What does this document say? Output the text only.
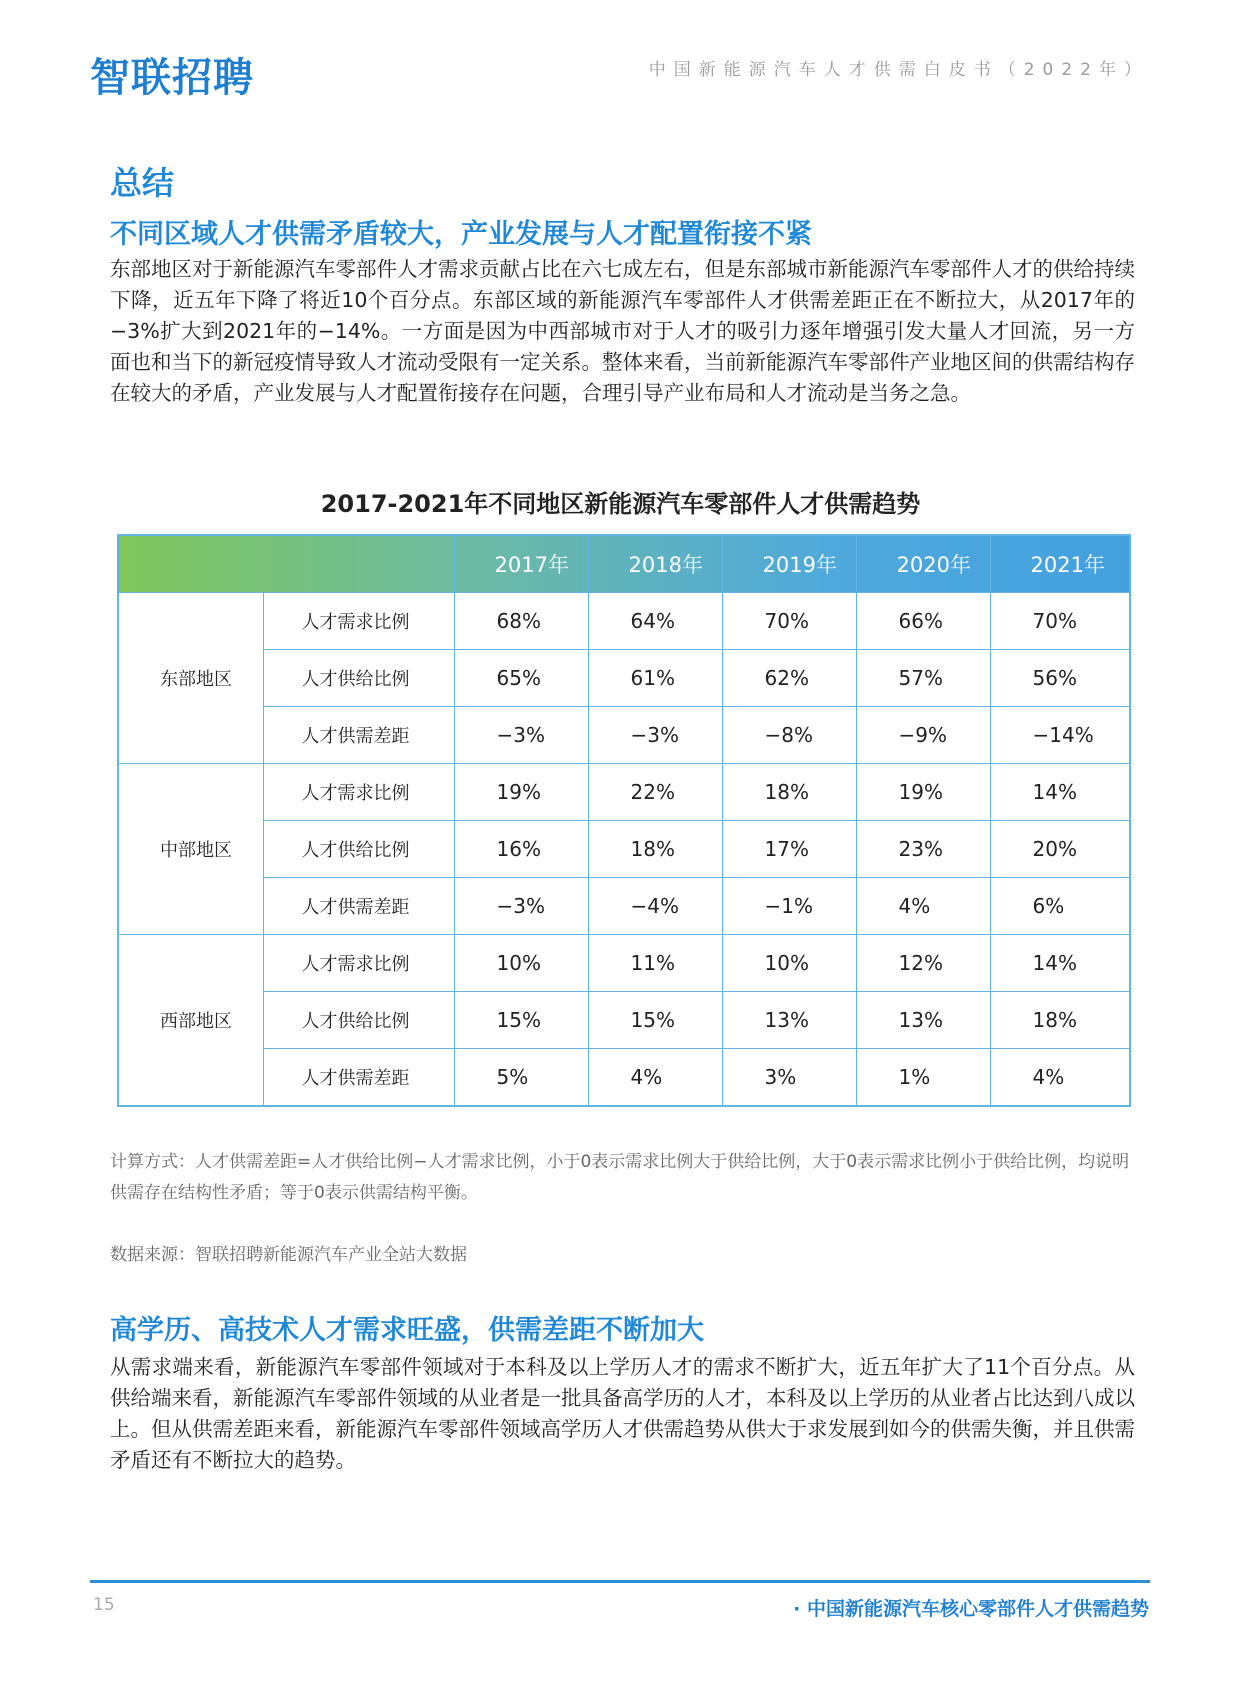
智联招聘	中国新能源汽车人才供需白皮书（2022年）
总结
不同区域人才供需矛盾较大，产业发展与人才配置衔接不紧

东部地区对于新能源汽车零部件人才需求贡献占比在六七成左右，但是东部城市新能源汽车零部件人才的供给持续下降，近五年下降了将近10个百分点。东部区域的新能源汽车零部件人才供需差距正在不断拉大，从2017年的−3%扩大到2021年的−14%。一方面是因为中西部城市对于人才的吸引力逐年增强引发大量人才回流，另一方面也和当下的新冠疫情导致人才流动受限有一定关系。整体来看，当前新能源汽车零部件产业地区间的供需结构存在较大的矛盾，产业发展与人才配置衔接存在问题，合理引导产业布局和人才流动是当务之急。

2017-2021年不同地区新能源汽车零部件人才供需趋势
		2017年	2018年	2019年	2020年	2021年
东部地区	人才需求比例	68%	64%	70%	66%	70%
	人才供给比例	65%	61%	62%	57%	56%
	人才供需差距	−3%	−3%	−8%	−9%	−14%
中部地区	人才需求比例	19%	22%	18%	19%	14%
	人才供给比例	16%	18%	17%	23%	20%
	人才供需差距	−3%	−4%	−1%	4%	6%
西部地区	人才需求比例	10%	11%	10%	12%	14%
	人才供给比例	15%	15%	13%	13%	18%
	人才供需差距	5%	4%	3%	1%	4%
计算方式：人才供需差距=人才供给比例−人才需求比例，小于0表示需求比例大于供给比例，大于0表示需求比例小于供给比例，均说明供需存在结构性矛盾；等于0表示供需结构平衡。
数据来源：智联招聘新能源汽车产业全站大数据
高学历、高技术人才需求旺盛，供需差距不断加大

从需求端来看，新能源汽车零部件领域对于本科及以上学历人才的需求不断扩大，近五年扩大了11个百分点。从供给端来看，新能源汽车零部件领域的从业者是一批具备高学历的人才，本科及以上学历的从业者占比达到八成以上。但从供需差距来看，新能源汽车零部件领域高学历人才供需趋势从供大于求发展到如今的供需失衡，并且供需矛盾还有不断拉大的趋势。

15	· 中国新能源汽车核心零部件人才供需趋势
